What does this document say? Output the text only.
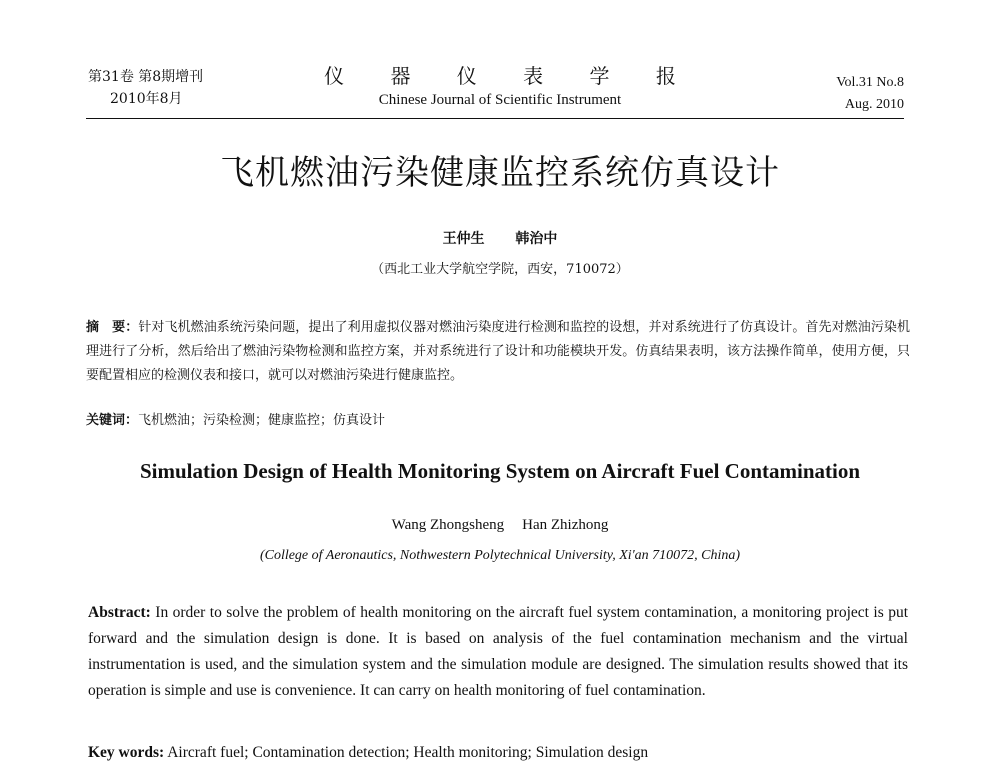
第31卷 第8期增刊
2010年8月
仪 器 仪 表 学 报
Chinese Journal of Scientific Instrument
Vol.31 No.8
Aug. 2010
飞机燃油污染健康监控系统仿真设计
王仲生 韩治中
（西北工业大学航空学院，西安，710072）
摘　要：针对飞机燃油系统污染问题，提出了利用虚拟仪器对燃油污染度进行检测和监控的设想，并对系统进行了仿真设计。首先对燃油污染机理进行了分析，然后给出了燃油污染物检测和监控方案，并对系统进行了设计和功能模块开发。仿真结果表明，该方法操作简单，使用方便，只要配置相应的检测仪表和接口，就可以对燃油污染进行健康监控。
关键词：飞机燃油；污染检测；健康监控；仿真设计
Simulation Design of Health Monitoring System on Aircraft Fuel Contamination
Wang Zhongsheng Han Zhizhong
(College of Aeronautics, Nothwestern Polytechnical University, Xi'an 710072, China)
Abstract: In order to solve the problem of health monitoring on the aircraft fuel system contamination, a monitoring project is put forward and the simulation design is done. It is based on analysis of the fuel contamination mechanism and the virtual instrumentation is used, and the simulation system and the simulation module are designed. The simulation results showed that its operation is simple and use is convenience. It can carry on health monitoring of fuel contamination.
Key words: Aircraft fuel; Contamination detection; Health monitoring; Simulation design
